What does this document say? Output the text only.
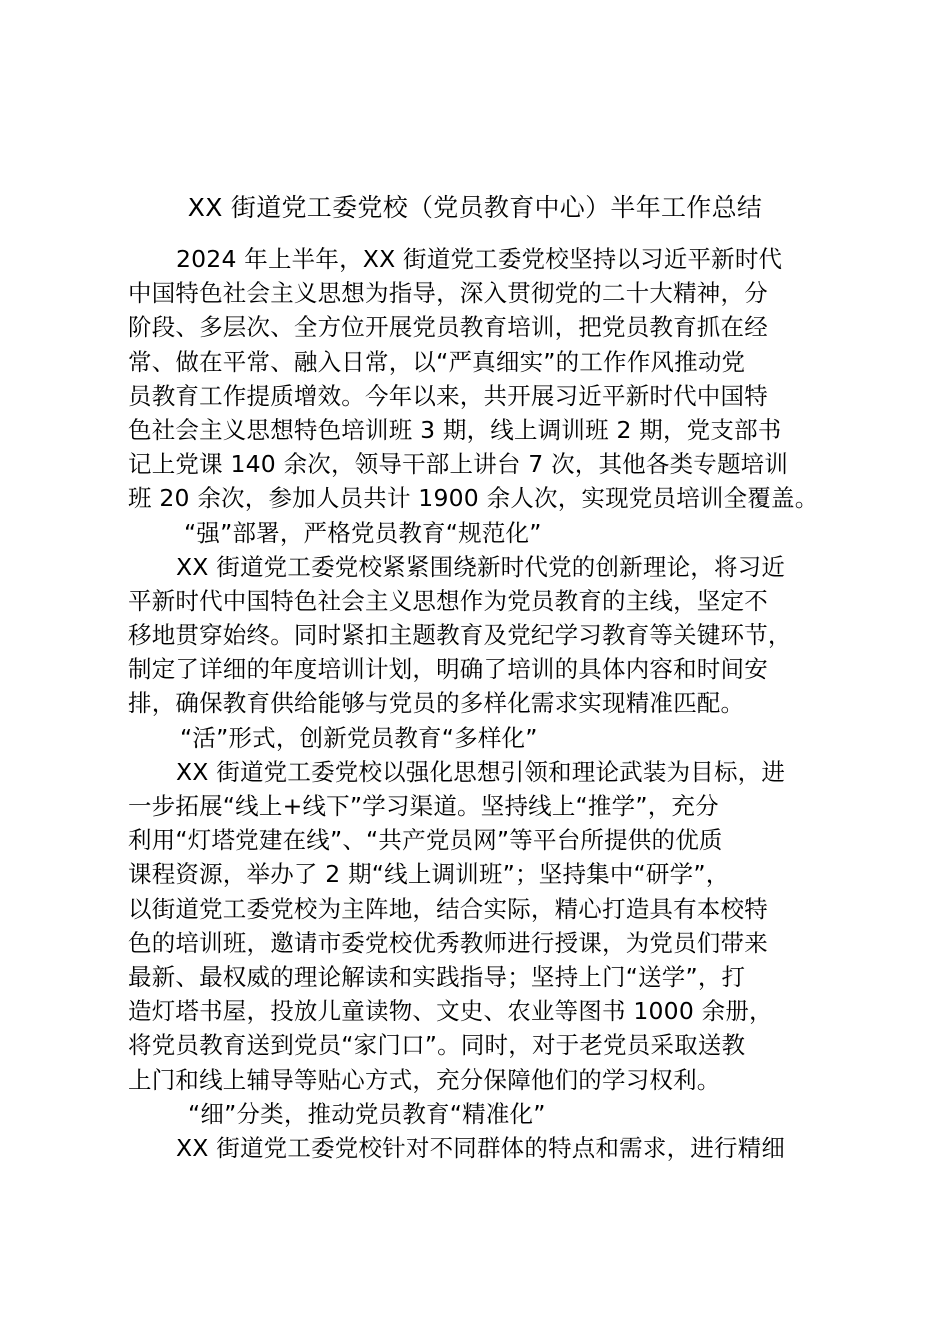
XX 街道党工委党校（党员教育中心）半年工作总结
2024 年上半年，XX 街道党工委党校坚持以习近平新时代
中国特色社会主义思想为指导，深入贯彻党的二十大精神，分
阶段、多层次、全方位开展党员教育培训，把党员教育抓在经
常、做在平常、融入日常，以“严真细实”的工作作风推动党
员教育工作提质增效。今年以来，共开展习近平新时代中国特
色社会主义思想特色培训班 3 期，线上调训班 2 期，党支部书
记上党课 140 余次，领导干部上讲台 7 次，其他各类专题培训
班 20 余次，参加人员共计 1900 余人次，实现党员培训全覆盖。
“强”部署，严格党员教育“规范化”
XX 街道党工委党校紧紧围绕新时代党的创新理论，将习近
平新时代中国特色社会主义思想作为党员教育的主线，坚定不
移地贯穿始终。同时紧扣主题教育及党纪学习教育等关键环节，
制定了详细的年度培训计划，明确了培训的具体内容和时间安
排，确保教育供给能够与党员的多样化需求实现精准匹配。
“活”形式，创新党员教育“多样化”
XX 街道党工委党校以强化思想引领和理论武装为目标，进
一步拓展“线上+线下”学习渠道。坚持线上“推学”，充分
利用“灯塔党建在线”、“共产党员网”等平台所提供的优质
课程资源，举办了 2 期“线上调训班”；坚持集中“研学”，
以街道党工委党校为主阵地，结合实际，精心打造具有本校特
色的培训班，邀请市委党校优秀教师进行授课，为党员们带来
最新、最权威的理论解读和实践指导；坚持上门“送学”，打
造灯塔书屋，投放儿童读物、文史、农业等图书 1000 余册，
将党员教育送到党员“家门口”。同时，对于老党员采取送教
上门和线上辅导等贴心方式，充分保障他们的学习权利。
“细”分类，推动党员教育“精准化”
XX 街道党工委党校针对不同群体的特点和需求，进行精细
